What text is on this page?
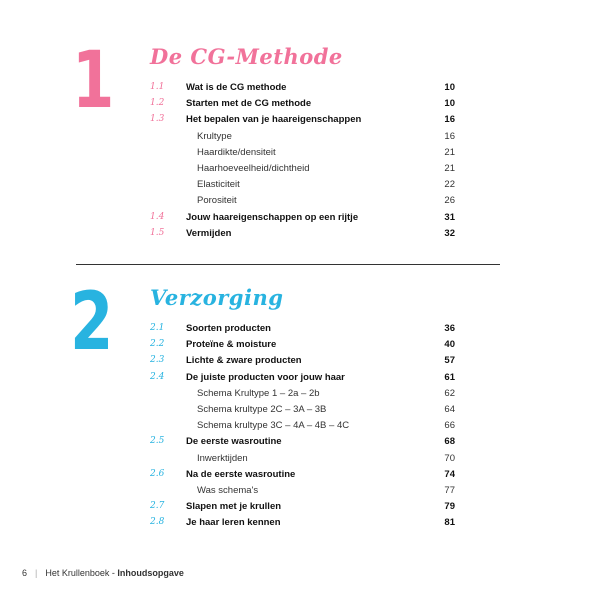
1 De CG-Methode
1.1 Wat is de CG methode	10
1.2 Starten met de CG methode	10
1.3 Het bepalen van je haareigenschappen	16
Krultype	16
Haardikte/densiteit	21
Haarhoeveelheid/dichtheid	21
Elasticiteit	22
Porositeit	26
1.4 Jouw haareigenschappen op een rijtje	31
1.5 Vermijden	32
2 Verzorging
2.1 Soorten producten	36
2.2 Proteïne & moisture	40
2.3 Lichte & zware producten	57
2.4 De juiste producten voor jouw haar	61
Schema Krultype 1 – 2a – 2b	62
Schema krultype 2C – 3A – 3B	64
Schema krultype 3C – 4A – 4B – 4C	66
2.5 De eerste wasroutine	68
Inwerktijden	70
2.6 Na de eerste wasroutine	74
Was schema's	77
2.7 Slapen met je krullen	79
2.8 Je haar leren kennen	81
6 | Het Krullenboek - Inhoudsopgave
